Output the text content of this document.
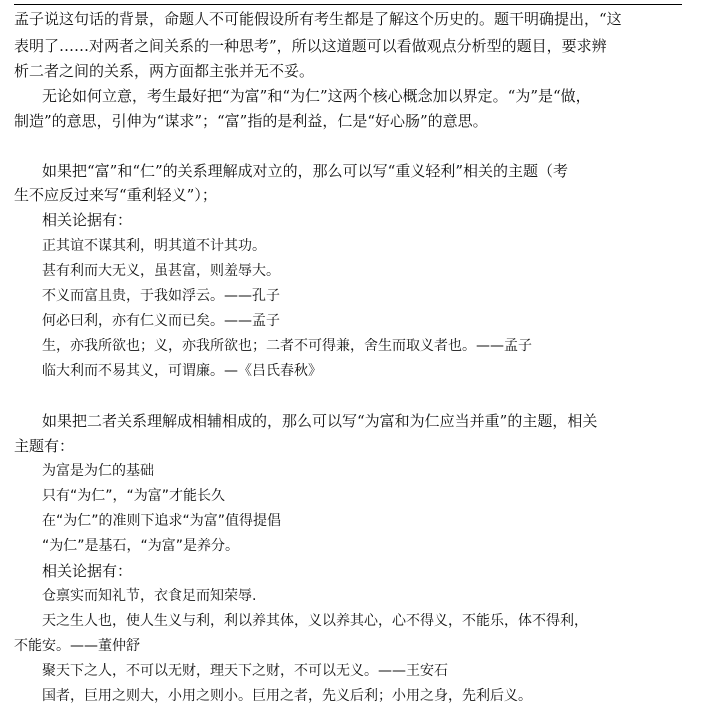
孟子说这句话的背景，命题人不可能假设所有考生都是了解这个历史的。题干明确提出，“这
表明了……对两者之间关系的一种思考”，所以这道题可以看做观点分析型的题目，要求辨
析二者之间的关系，两方面都主张并无不妥。
无论如何立意，考生最好把“为富”和“为仁”这两个核心概念加以界定。“为”是“做，
制造”的意思，引伸为“谋求”；“富”指的是利益，仁是“好心肠”的意思。
如果把“富”和“仁”的关系理解成对立的，那么可以写“重义轻利”相关的主题（考
生不应反过来写“重利轻义”）；
相关论据有：
正其谊不谋其利，明其道不计其功。
甚有利而大无义，虽甚富，则羞辱大。
不义而富且贵，于我如浮云。——孔子
何必曰利，亦有仁义而已矣。——孟子
生，亦我所欲也；义，亦我所欲也；二者不可得兼，舍生而取义者也。——孟子
临大利而不易其义，可谓廉。—《吕氏春秋》
如果把二者关系理解成相辅相成的，那么可以写“为富和为仁应当并重”的主题，相关
主题有：
为富是为仁的基础
只有“为仁”，“为富”才能长久
在“为仁”的准则下追求“为富”值得提倡
“为仁”是基石，“为富”是养分。
相关论据有：
仓禀实而知礼节，衣食足而知荣辱.
天之生人也，使人生义与利，利以养其体，义以养其心，心不得义，不能乐，体不得利，
不能安。——董仲舒
聚天下之人，不可以无财，理天下之财，不可以无义。——王安石
国者，巨用之则大，小用之则小。巨用之者，先义后利；小用之身，先利后义。
